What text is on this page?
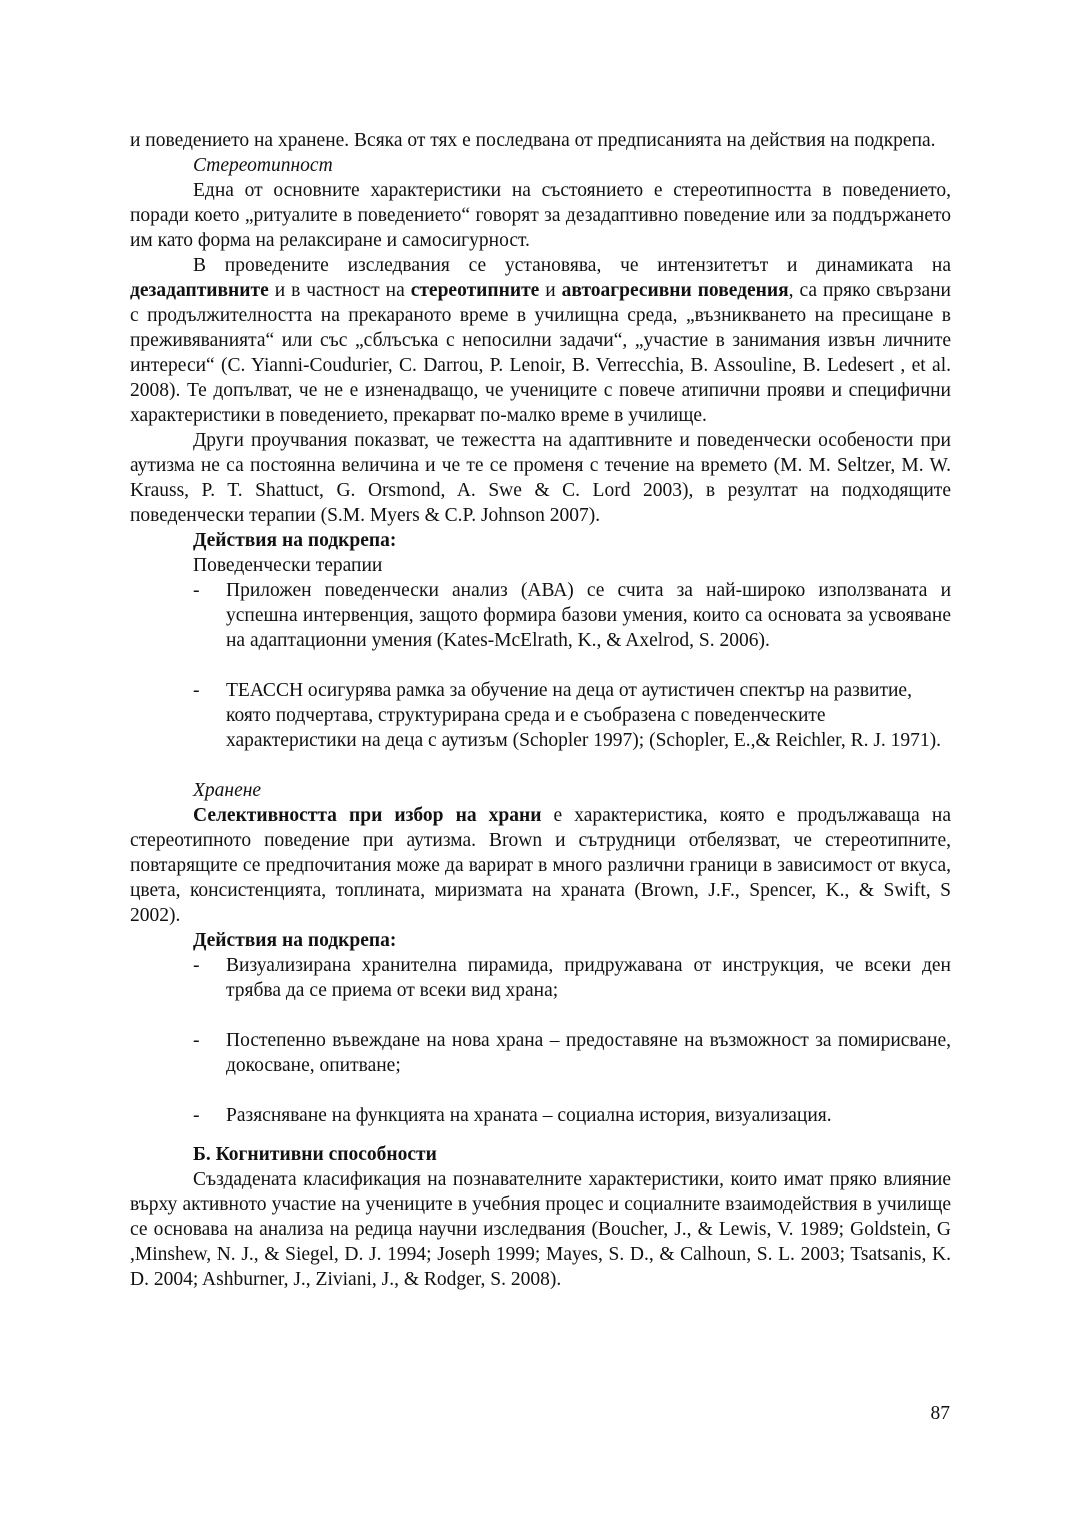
и поведението на хранене. Всяка от тях е последвана от предписанията на действия на подкрепа.

Стереотипност

Една от основните характеристики на състоянието е стереотипността в поведението, поради което „ритуалите в поведението“ говорят за дезадаптивно поведение или за поддържането им като форма на релаксиране и самосигурност.

В проведените изследвания се установява, че интензитетът и динамиката на дезадаптивните и в частност на стереотипните и автоагресивни поведения, са пряко свързани с продължителността на прекараното време в училищна среда, „възникването на пресищане в преживяванията“ или със „сблъсъка с непосилни задачи“, „участие в занимания извън личните интереси“ (C. Yianni-Coudurier, C. Darrou, P. Lenoir, B. Verrecchia, B. Assouline, B. Ledesert , et al. 2008). Те допълват, че не е изненадващо, че учениците с повече атипични прояви и специфични характеристики в поведението, прекарват по-малко време в училище.

Други проучвания показват, че тежестта на адаптивните и поведенчески особености при аутизма не са постоянна величина и че те се променя с течение на времето (M. M. Seltzer, M. W. Krauss, P. T. Shattuct, G. Orsmond, A. Swe & C. Lord 2003), в резултат на подходящите поведенчески терапии (S.M. Myers & C.P. Johnson 2007).

Действия на подкрепа:

Поведенчески терапии

- Приложен поведенчески анализ (АВА) се счита за най-широко използваната и успешна интервенция, защото формира базови умения, които са основата за усвояване на адаптационни умения (Kates-McElrath, K., & Axelrod, S. 2006).
- ТЕАССН осигурява рамка за обучение на деца от аутистичен спектър на развитие, която подчертава, структурирана среда и е съобразена с поведенческите характеристики на деца с аутизъм (Schopler 1997); (Schopler, E.,& Reichler, R. J. 1971).

Хранене

Селективността при избор на храни е характеристика, която е продължаваща на стереотипното поведение при аутизма. Brown и сътрудници отбелязват, че стереотипните, повтарящите се предпочитания може да варират в много различни граници в зависимост от вкуса, цвета, консистенцията, топлината, миризмата на храната (Brown, J.F., Spencer, K., & Swift, S 2002).

Действия на подкрепа:

- Визуализирана хранителна пирамида, придружавана от инструкция, че всеки ден трябва да се приема от всеки вид храна;
- Постепенно въвеждане на нова храна – предоставяне на възможност за помирисване, докосване, опитване;
- Разясняване на функцията на храната – социална история, визуализация.

Б. Когнитивни способности

Създадената класификация на познавателните характеристики, които имат пряко влияние върху активното участие на учениците в учебния процес и социалните взаимодействия в училище се основава на анализа на редица научни изследвания (Boucher, J., & Lewis, V. 1989; Goldstein, G ,Minshew, N. J., & Siegel, D. J. 1994; Joseph 1999; Mayes, S. D., & Calhoun, S. L. 2003; Tsatsanis, K. D. 2004; Ashburner, J., Ziviani, J., & Rodger, S. 2008).

87
